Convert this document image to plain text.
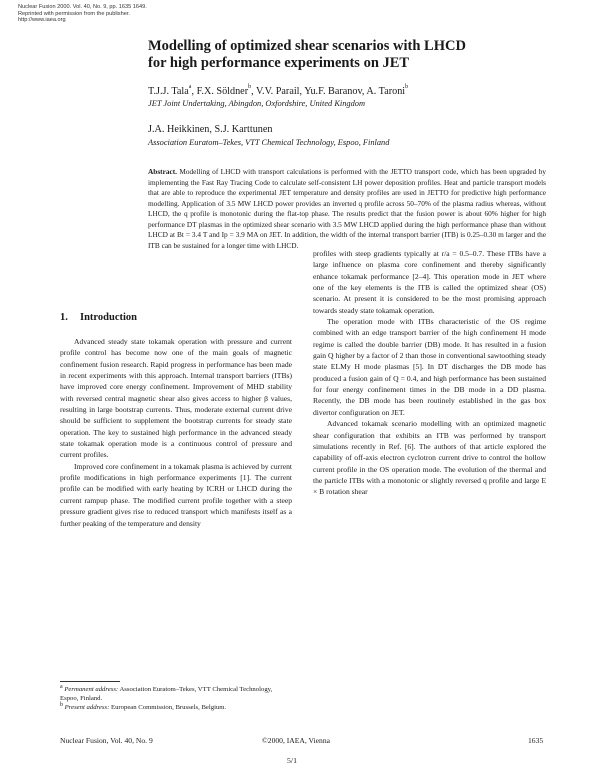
Nuclear Fusion 2000. Vol. 40, No. 9, pp. 1635 1649.
Reprinted with permission from the publisher.
http://www.iaea.org
Modelling of optimized shear scenarios with LHCD
for high performance experiments on JET
T.J.J. Tala$^a$, F.X. Söldner$^b$, V.V. Parail, Yu.F. Baranov, A. Taroni$^b$
JET Joint Undertaking, Abingdon, Oxfordshire, United Kingdom
J.A. Heikkinen, S.J. Karttunen
Association Euratom–Tekes, VTT Chemical Technology, Espoo, Finland
Abstract. Modelling of LHCD with transport calculations is performed with the JETTO transport code, which has been upgraded by implementing the Fast Ray Tracing Code to calculate self-consistent LH power deposition profiles. Heat and particle transport models that are able to reproduce the experimental JET temperature and density profiles are used in JETTO for predictive high performance modelling. Application of 3.5 MW LHCD power provides an inverted q profile across 50–70% of the plasma radius whereas, without LHCD, the q profile is monotonic during the flat-top phase. The results predict that the fusion power is about 60% higher for high performance DT plasmas in the optimized shear scenario with 3.5 MW LHCD applied during the high performance phase than without LHCD at Bt = 3.4 T and Ip = 3.9 MA on JET. In addition, the width of the internal transport barrier (ITB) is 0.25–0.30 m larger and the ITB can be sustained for a longer time with LHCD.
1. Introduction

Advanced steady state tokamak operation with pressure and current profile control has become now one of the main goals of magnetic confinement fusion research. Rapid progress in performance has been made in recent experiments with this approach. Internal transport barriers (ITBs) have improved core energy confinement. Improvement of MHD stability with reversed central magnetic shear also gives access to higher β values, resulting in large bootstrap currents. Thus, moderate external current drive should be sufficient to supplement the bootstrap currents for steady state operation. The key to sustained high performance in the advanced steady state tokamak operation mode is a continuous control of pressure and current profiles.

Improved core confinement in a tokamak plasma is achieved by current profile modifications in high performance experiments [1]. The current profile can be modified with early heating by ICRH or LHCD during the current rampup phase. The modified current profile together with a steep pressure gradient gives rise to reduced transport which manifests itself as a further peaking of the temperature and density

profiles with steep gradients typically at r/a = 0.5–0.7. These ITBs have a large influence on plasma core confinement and thereby significantly enhance tokamak performance [2–4]. This operation mode in JET where one of the key elements is the ITB is called the optimized shear (OS) scenario. At present it is considered to be the most promising approach towards steady state tokamak operation.

The operation mode with ITBs characteristic of the OS regime combined with an edge transport barrier of the high confinement H mode regime is called the double barrier (DB) mode. It has resulted in a fusion gain Q higher by a factor of 2 than those in conventional sawtoothing steady state ELMy H mode plasmas [5]. In DT discharges the DB mode has produced a fusion gain of Q = 0.4, and high performance has been sustained for four energy confinement times in the DB mode in a DD plasma. Recently, the DB mode has been routinely established in the gas box divertor configuration on JET.

Advanced tokamak scenario modelling with an optimized magnetic shear configuration that exhibits an ITB was performed by transport simulations recently in Ref. [6]. The authors of that article explored the capability of off-axis electron cyclotron current drive to control the hollow current profile in the OS operation mode. The evolution of the thermal and the particle ITBs with a monotonic or slightly reversed q profile and large E × B rotation shear

$^a$ Permanent address: Association Euratom–Tekes, VTT Chemical Technology, Espoo, Finland.
$^b$ Present address: European Commission, Brussels, Belgium.
Nuclear Fusion, Vol. 40, No. 9	©2000, IAEA, Vienna	1635
5/1
